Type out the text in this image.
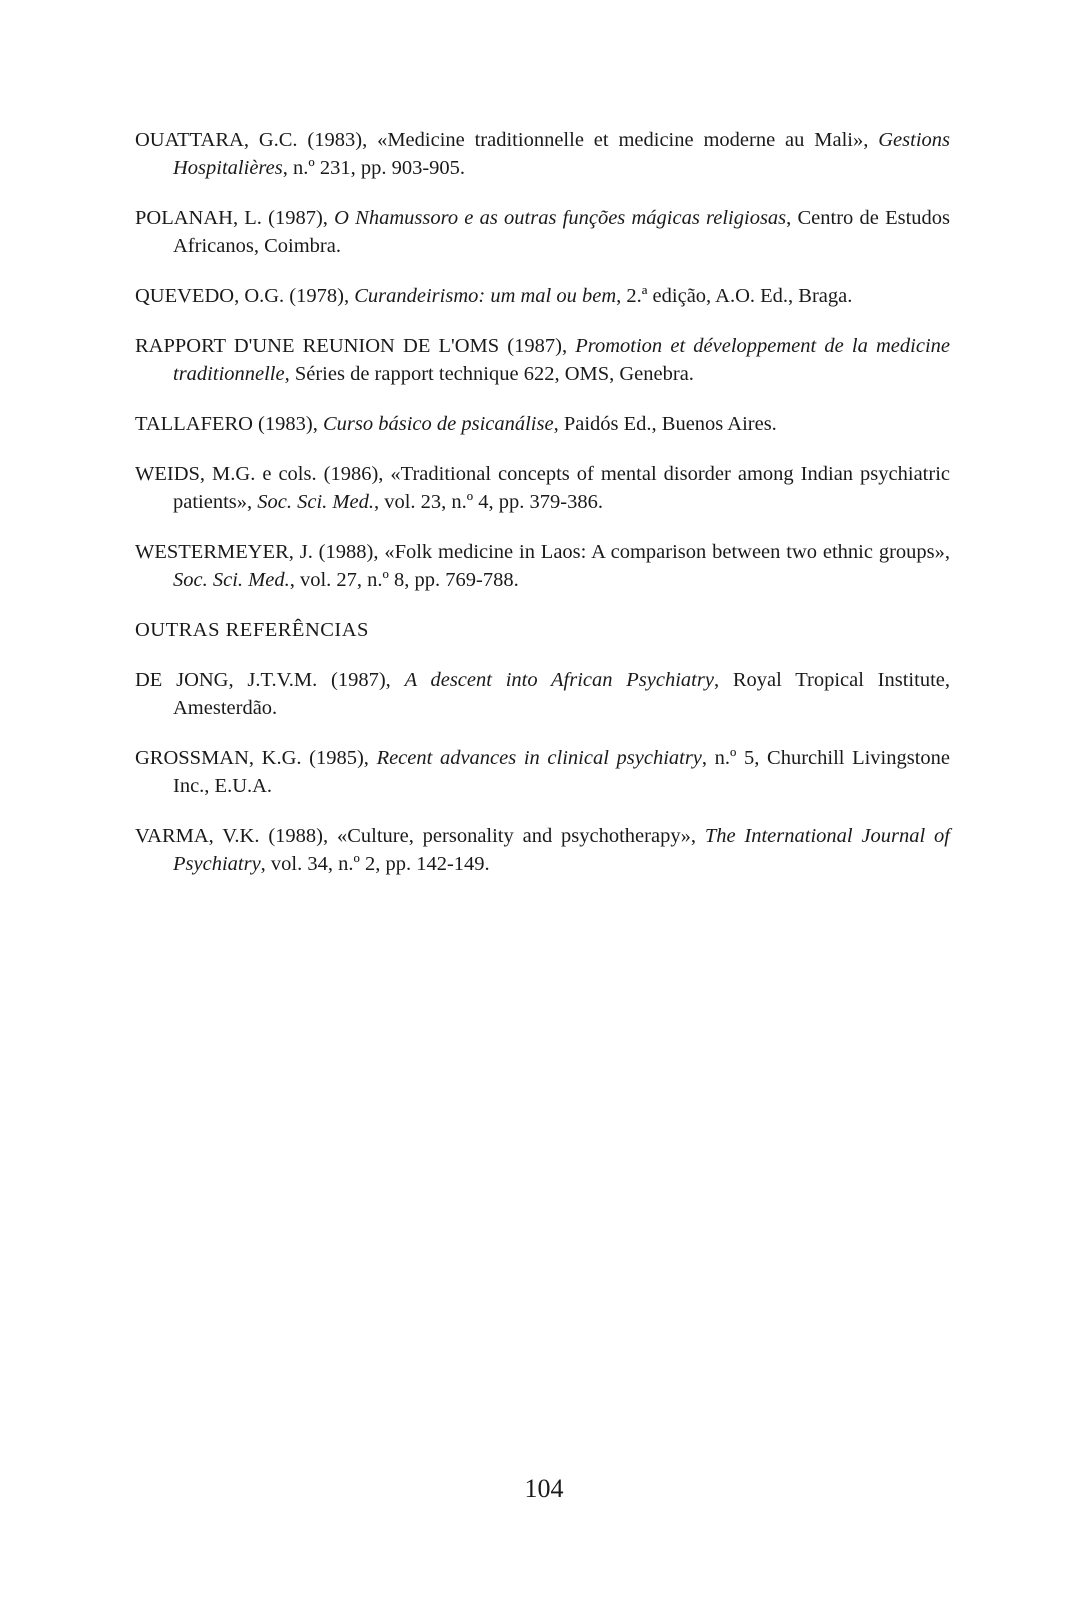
OUATTARA, G.C. (1983), «Medicine traditionnelle et medicine moderne au Mali», Gestions Hospitalières, n.º 231, pp. 903-905.

POLANAH, L. (1987), O Nhamussoro e as outras funções mágicas religiosas, Centro de Estudos Africanos, Coimbra.

QUEVEDO, O.G. (1978), Curandeirismo: um mal ou bem, 2.ª edição, A.O. Ed., Braga.

RAPPORT D'UNE REUNION DE L'OMS (1987), Promotion et développement de la medicine traditionnelle, Séries de rapport technique 622, OMS, Genebra.

TALLAFERO (1983), Curso básico de psicanálise, Paidós Ed., Buenos Aires.

WEIDS, M.G. e cols. (1986), «Traditional concepts of mental disorder among Indian psychiatric patients», Soc. Sci. Med., vol. 23, n.º 4, pp. 379-386.

WESTERMEYER, J. (1988), «Folk medicine in Laos: A comparison between two ethnic groups», Soc. Sci. Med., vol. 27, n.º 8, pp. 769-788.

OUTRAS REFERÊNCIAS

DE JONG, J.T.V.M. (1987), A descent into African Psychiatry, Royal Tropical Institute, Amesterdão.

GROSSMAN, K.G. (1985), Recent advances in clinical psychiatry, n.º 5, Churchill Livingstone Inc., E.U.A.

VARMA, V.K. (1988), «Culture, personality and psychotherapy», The International Journal of Psychiatry, vol. 34, n.º 2, pp. 142-149.

104
